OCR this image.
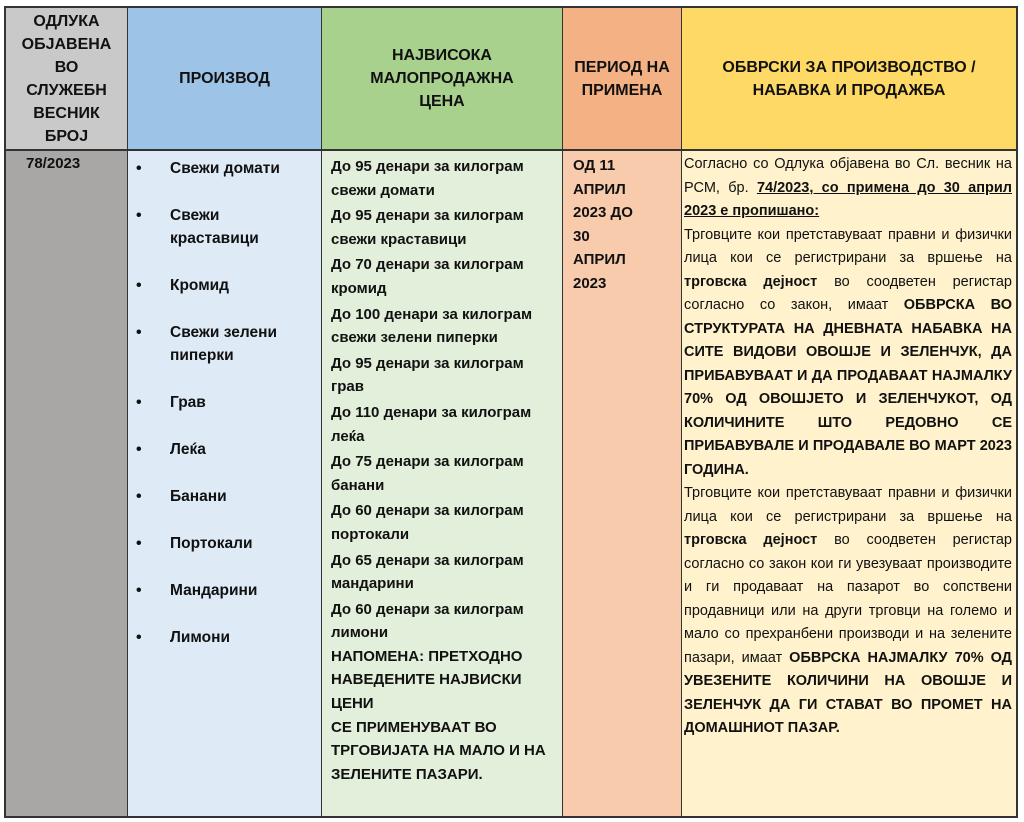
ОДЛУКА ОБЈАВЕНА ВО СЛУЖЕБН ВЕСНИК БРОЈ
78/2023
ПРОИЗВОД
• Свежи домати
• Свежи краставици
• Кромид
• Свежи зелени пиперки
• Грав
• Леќа
• Банани
• Портокали
• Мандарини
• Лимони
НАЈВИСОКА МАЛОПРОДАЖНА ЦЕНА
До 95 денари за килограм свежи домати
До 95 денари за килограм свежи краставици
До 70 денари за килограм кромид
До 100 денари за килограм свежи зелени пиперки
До 95 денари за килограм грав
До 110 денари за килограм леќа
До 75 денари за килограм банани
До 60 денари за килограм портокали
До 65 денари за килограм мандарини
До 60 денари за килограм лимони
НАПОМЕНА: ПРЕТХОДНО НАВЕДЕНИТЕ НАЈВИСКИ ЦЕНИ
СЕ ПРИМЕНУВААТ ВО ТРГОВИЈАТА НА МАЛО И НА ЗЕЛЕНИТЕ ПАЗАРИ.
ПЕРИОД НА ПРИМЕНА
ОД 11 АПРИЛ 2023 ДО 30 АПРИЛ 2023
ОБВРСКИ ЗА ПРОИЗВОДСТВО / НАБАВКА И ПРОДАЖБА
Согласно со Одлука објавена во Сл. весник на РСМ, бр. 74/2023, со примена до 30 април 2023 е пропишано:
Трговците кои претставуваат правни и физички лица кои се регистрирани за вршење на трговска дејност во соодветен регистар согласно со закон, имаат ОБВРСКА ВО СТРУКТУРАТА НА ДНЕВНАТА НАБАВКА НА СИТЕ ВИДОВИ ОВОШЈЕ И ЗЕЛЕНЧУК, ДА ПРИБАВУВААТ И ДА ПРОДАВААТ НАЈМАЛКУ 70% ОД ОВОШЈЕТО И ЗЕЛЕНЧУКОТ, ОД КОЛИЧИНИТЕ ШТО РЕДОВНО СЕ ПРИБАВУВАЛЕ И ПРОДАВАЛЕ ВО МАРТ 2023 ГОДИНА.
Трговците кои претставуваат правни и физички лица кои се регистрирани за вршење на трговска дејност во соодветен регистар согласно со закон кои ги увезуваат производите и ги продаваат на пазарот во сопствени продавници или на други трговци на големо и мало со прехранбени производи и на зелените пазари, имаат ОБВРСКА НАЈМАЛКУ 70% ОД УВЕЗЕНИТЕ КОЛИЧИНИ НА ОВОШЈЕ И ЗЕЛЕНЧУК ДА ГИ СТАВАТ ВО ПРОМЕТ НА ДОМАШНИОТ ПАЗАР.
